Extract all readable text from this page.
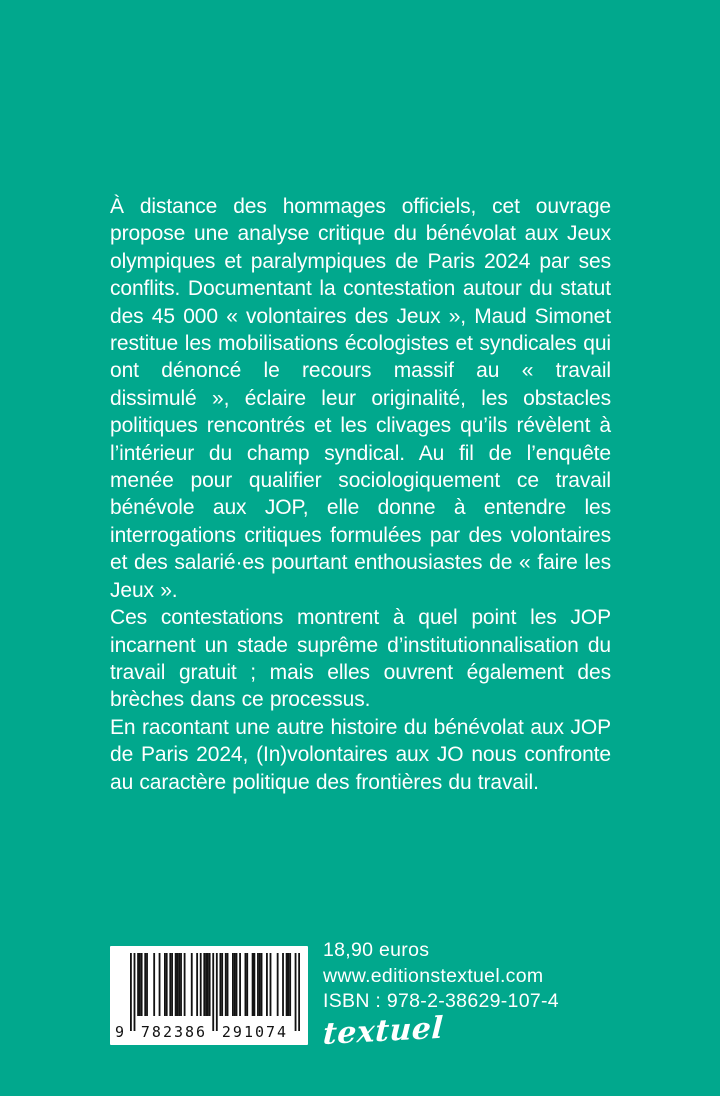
À distance des hommages officiels, cet ouvrage propose une analyse critique du bénévolat aux Jeux olympiques et paralympiques de Paris 2024 par ses conflits. Documentant la contestation autour du statut des 45 000 « volontaires des Jeux », Maud Simonet restitue les mobilisations écologistes et syndicales qui ont dénoncé le recours massif au « travail dissimulé », éclaire leur originalité, les obstacles politiques rencontrés et les clivages qu’ils révèlent à l’intérieur du champ syndical. Au fil de l’enquête menée pour qualifier sociologiquement ce travail bénévole aux JOP, elle donne à entendre les interrogations critiques formulées par des volontaires et des salarié·es pourtant enthousiastes de « faire les Jeux ».

Ces contestations montrent à quel point les JOP incarnent un stade suprême d’institutionnalisation du travail gratuit ; mais elles ouvrent également des brèches dans ce processus.

En racontant une autre histoire du bénévolat aux JOP de Paris 2024, (In)volontaires aux JO nous confronte au caractère politique des frontières du travail.

9	782386 291074
18,90 euros
www.editionstextuel.com
ISBN : 978-2-38629-107-4
textuel
